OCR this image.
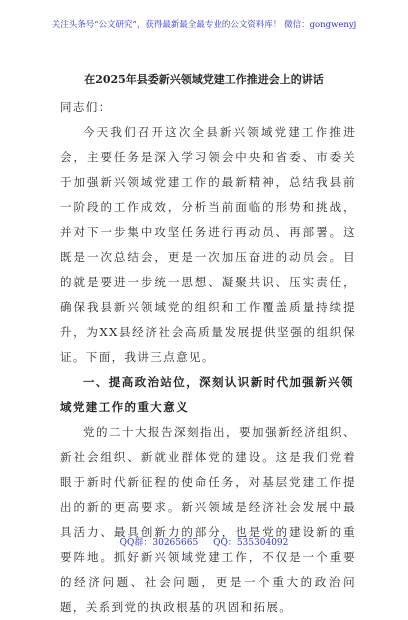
关注头条号“公文研究”，获得最新最全最专业的公文资料库！ 微信：gongwenyj
在2025年县委新兴领域党建工作推进会上的讲话

同志们：

今天我们召开这次全县新兴领域党建工作推进会，主要任务是深入学习领会中央和省委、市委关于加强新兴领域党建工作的最新精神，总结我县前一阶段的工作成效，分析当前面临的形势和挑战，并对下一步集中攻坚任务进行再动员、再部署。这既是一次总结会，更是一次加压奋进的动员会。目的就是要进一步统一思想、凝聚共识、压实责任，确保我县新兴领域党的组织和工作覆盖质量持续提升，为XX县经济社会高质量发展提供坚强的组织保证。下面，我讲三点意见。

一、提高政治站位，深刻认识新时代加强新兴领域党建工作的重大意义

党的二十大报告深刻指出，要加强新经济组织、新社会组织、新就业群体党的建设。这是我们党着眼于新时代新征程的使命任务，对基层党建工作提出的新的更高要求。新兴领域是经济社会发展中最具活力、最具创新力的部分，也是党的建设新的重要阵地。抓好新兴领域党建工作，不仅是一个重要的经济问题、社会问题，更是一个重大的政治问题，关系到党的执政根基的巩固和拓展。

QQ群：30265665 QQ：535304092
